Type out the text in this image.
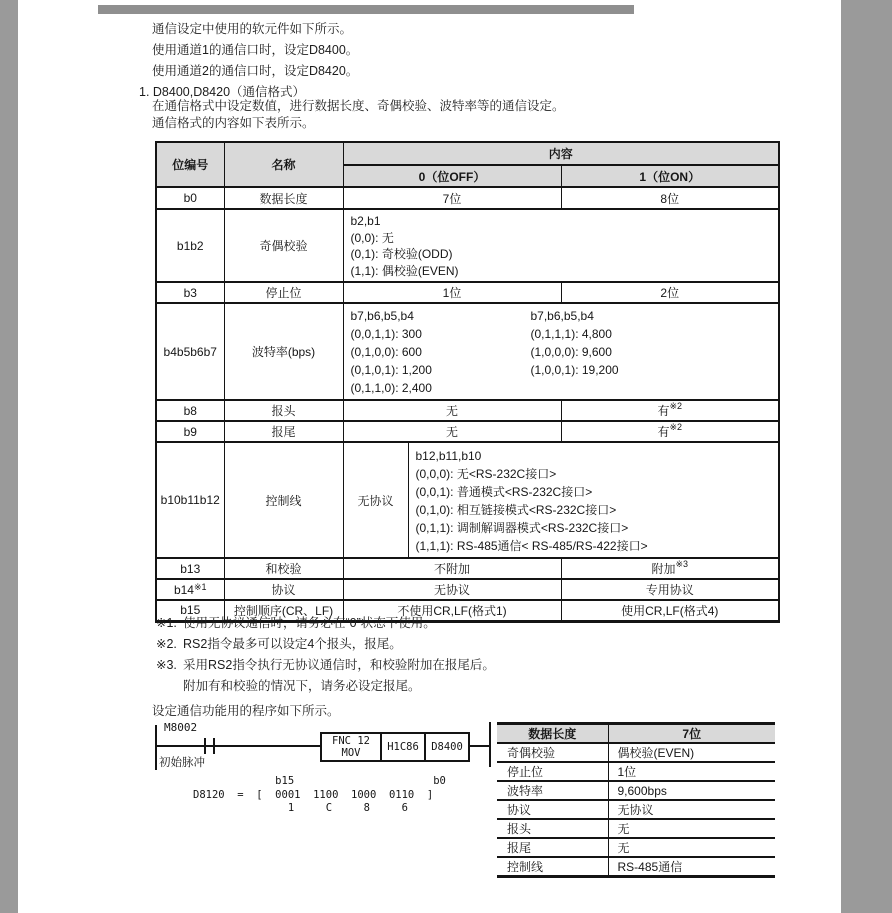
通信设定中使用的软元件如下所示。
使用通道1的通信口时，设定D8400。
使用通道2的通信口时，设定D8420。
1. D8400,D8420（通信格式）
在通信格式中设定数值，进行数据长度、奇偶校验、波特率等的通信设定。
通信格式的内容如下表所示。
位编号	名称	内容	
		0（位OFF）	1（位ON）
b0	数据长度	7位	8位
b1b2	奇偶校验	b2,b1
(0,0): 无
(0,1): 奇校验(ODD)
(1,1): 偶校验(EVEN)	

b3	停止位	1位	2位
b4b5b6b7	波特率(bps)	
b7,b6,b5,b4
(0,0,1,1): 300
(0,1,0,0): 600
(0,1,0,1): 1,200
(0,1,1,0): 2,400
b7,b6,b5,b4
(0,1,1,1): 4,800
(1,0,0,0): 9,600
(1,0,0,1): 19,200

b8	报头	无	有$^{※2}$
b9	报尾	无	有$^{※2}$
b10b11b12	控制线	无协议
b12,b11,b10
(0,0,0): 无<RS-232C接口>
(0,0,1): 普通模式<RS-232C接口>
(0,1,0): 相互链接模式<RS-232C接口>
(0,1,1): 调制解调器模式<RS-232C接口>
(1,1,1): RS-485通信< RS-485/RS-422接口>

b13	和校验	不附加	附加$^{※3}$
b14$^{※1}$	协议	无协议	专用协议
b15	控制顺序(CR、LF)	不使用CR,LF(格式1)	使用CR,LF(格式4)
※1. 使用无协议通信时，请务必在“0”状态下使用。
※2. RS2指令最多可以设定4个报头，报尾。
※3. 采用RS2指令执行无协议通信时，和校验附加在报尾后。
附加有和校验的情况下，请务必设定报尾。
设定通信功能用的程序如下所示。
M8002
初始脉冲
FNC 12
MOV	H1C86	D8400
b15                      b0
D8120  =  [  0001  1100  1000  0110  ]
1     C     8     6
数据长度	7位
奇偶校验	偶校验(EVEN)
停止位	1位
波特率	9,600bps
协议	无协议
报头	无
报尾	无
控制线	RS-485通信
